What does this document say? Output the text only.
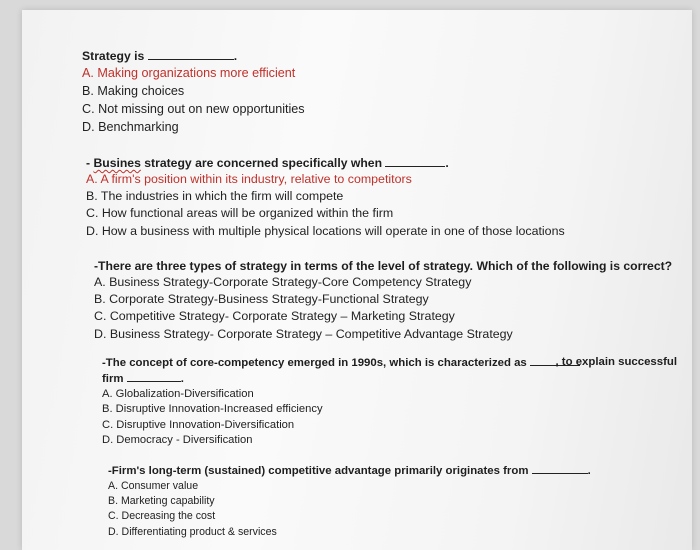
Strategy is	.
A. Making organizations more efficient
B. Making choices
C. Not missing out on new opportunities
D. Benchmarking
- Busines strategy are concerned specifically when	.
A. A firm's position within its industry, relative to competitors
B. The industries in which the firm will compete
C. How functional areas will be organized within the firm
D. How a business with multiple physical locations will operate in one of those locations
-There are three types of strategy in terms of the level of strategy. Which of the following is correct?
A. Business Strategy-Corporate Strategy-Core Competency Strategy
B. Corporate Strategy-Business Strategy-Functional Strategy
C. Competitive Strategy- Corporate Strategy – Marketing Strategy
D. Business Strategy- Corporate Strategy – Competitive Advantage Strategy
-The concept of core-competency emerged in 1990s, which is characterized as	, to explain successful
firm	.
A. Globalization-Diversification
B. Disruptive Innovation-Increased efficiency
C. Disruptive Innovation-Diversification
D. Democracy - Diversification
-Firm's long-term (sustained) competitive advantage primarily originates from	.
A. Consumer value
B. Marketing capability
C. Decreasing the cost
D. Differentiating product & services
